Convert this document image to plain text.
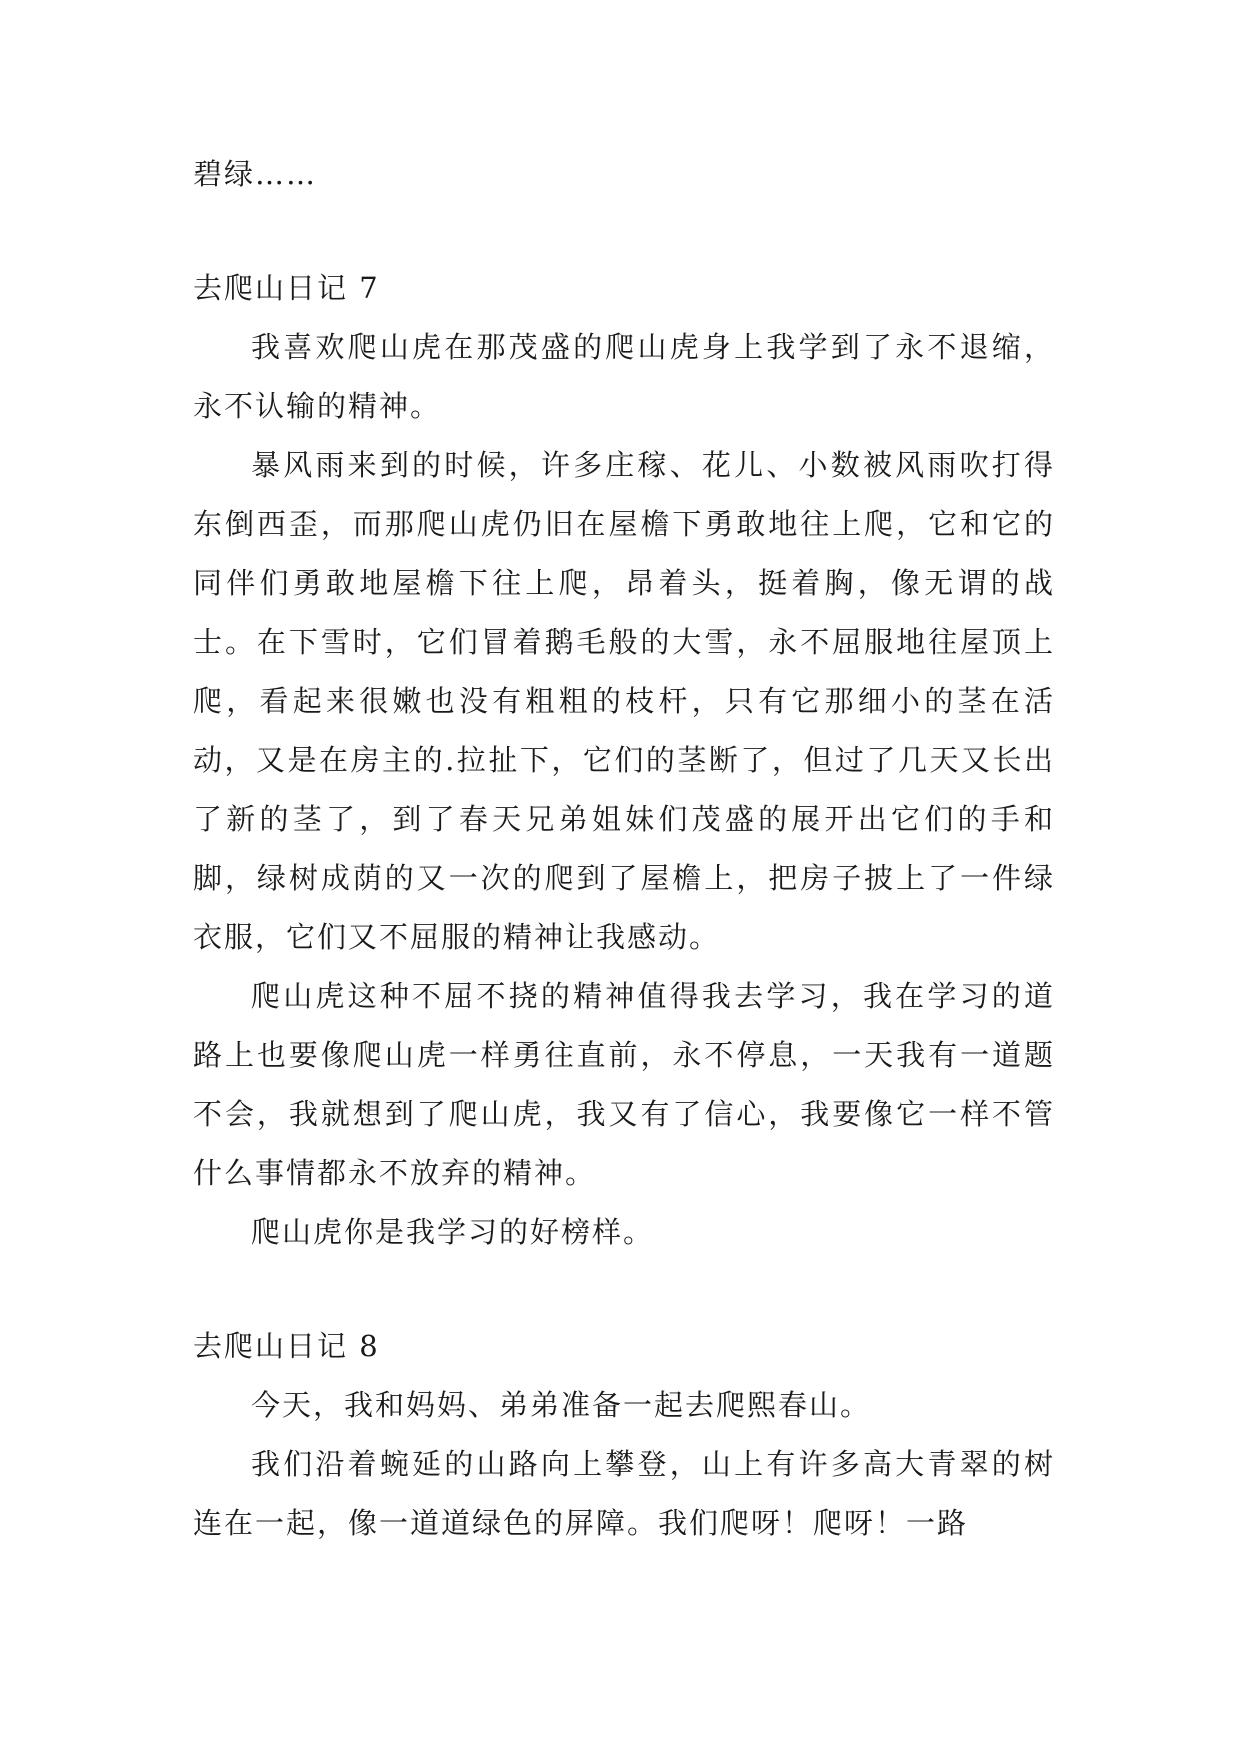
碧绿……

去爬山日记 7

我喜欢爬山虎在那茂盛的爬山虎身上我学到了永不退缩，永不认输的精神。

暴风雨来到的时候，许多庄稼、花儿、小数被风雨吹打得东倒西歪，而那爬山虎仍旧在屋檐下勇敢地往上爬，它和它的同伴们勇敢地屋檐下往上爬，昂着头，挺着胸，像无谓的战士。在下雪时，它们冒着鹅毛般的大雪，永不屈服地往屋顶上爬，看起来很嫩也没有粗粗的枝杆，只有它那细小的茎在活动，又是在房主的.拉扯下，它们的茎断了，但过了几天又长出了新的茎了，到了春天兄弟姐妹们茂盛的展开出它们的手和脚，绿树成荫的又一次的爬到了屋檐上，把房子披上了一件绿衣服，它们又不屈服的精神让我感动。

爬山虎这种不屈不挠的精神值得我去学习，我在学习的道路上也要像爬山虎一样勇往直前，永不停息，一天我有一道题不会，我就想到了爬山虎，我又有了信心，我要像它一样不管什么事情都永不放弃的精神。

爬山虎你是我学习的好榜样。

去爬山日记 8

今天，我和妈妈、弟弟准备一起去爬熙春山。

我们沿着蜿延的山路向上攀登，山上有许多高大青翠的树连在一起，像一道道绿色的屏障。我们爬呀！爬呀！一路
